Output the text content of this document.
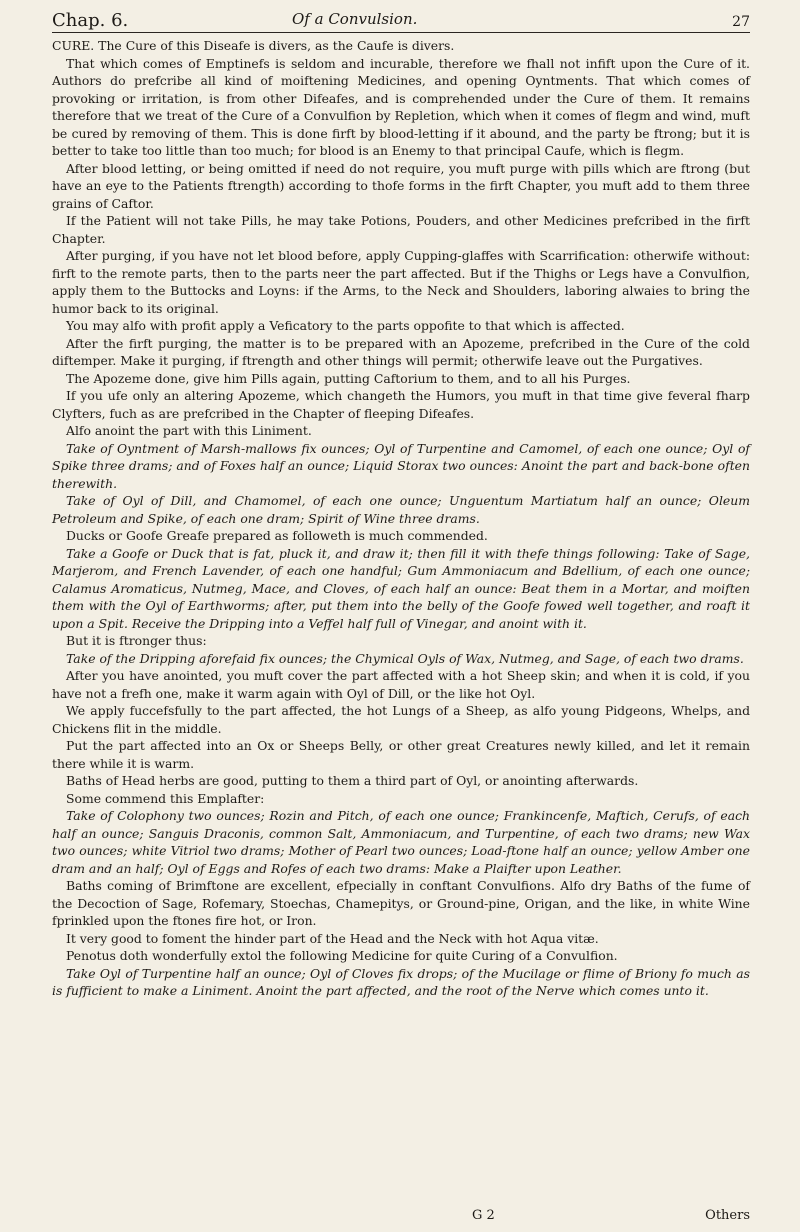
Chap. 6.	Of a Convulsion.	27

CURE. The Cure of this Diseafe is divers, as the Caufe is divers.

That which comes of Emptinefs is seldom and incurable, therefore we fhall not infift upon the Cure of it. Authors do prefcribe all kind of moiftening Medicines, and opening Oyntments. That which comes of provoking or irritation, is from other Difeafes, and is comprehended under the Cure of them. It remains therefore that we treat of the Cure of a Convulfion by Repletion, which when it comes of flegm and wind, muft be cured by removing of them. This is done firft by blood-letting if it abound, and the party be ftrong; but it is better to take too little than too much; for blood is an Enemy to that principal Caufe, which is flegm.

After blood letting, or being omitted if need do not require, you muft purge with pills which are ftrong (but have an eye to the Patients ftrength) according to thofe forms in the firft Chapter, you muft add to them three grains of Caftor.

If the Patient will not take Pills, he may take Potions, Pouders, and other Medicines prefcribed in the firft Chapter.

After purging, if you have not let blood before, apply Cupping-glaffes with Scarrification: otherwife without: firft to the remote parts, then to the parts neer the part affected. But if the Thighs or Legs have a Convulfion, apply them to the Buttocks and Loyns: if the Arms, to the Neck and Shoulders, laboring alwaies to bring the humor back to its original.

You may alfo with profit apply a Veficatory to the parts oppofite to that which is affected.

After the firft purging, the matter is to be prepared with an Apozeme, prefcribed in the Cure of the cold diftemper. Make it purging, if ftrength and other things will permit; otherwife leave out the Purgatives.

The Apozeme done, give him Pills again, putting Caftorium to them, and to all his Purges.

If you ufe only an altering Apozeme, which changeth the Humors, you muft in that time give feveral fharp Clyfters, fuch as are prefcribed in the Chapter of fleeping Difeafes.

Alfo anoint the part with this Liniment.

Take of Oyntment of Marsh-mallows fix ounces; Oyl of Turpentine and Camomel, of each one ounce; Oyl of Spike three drams; and of Foxes half an ounce; Liquid Storax two ounces: Anoint the part and back-bone often therewith.

Take of Oyl of Dill, and Chamomel, of each one ounce; Unguentum Martiatum half an ounce; Oleum Petroleum and Spike, of each one dram; Spirit of Wine three drams.

Ducks or Goofe Greafe prepared as followeth is much commended.

Take a Goofe or Duck that is fat, pluck it, and draw it; then fill it with thefe things following: Take of Sage, Marjerom, and French Lavender, of each one handful; Gum Ammoniacum and Bdellium, of each one ounce; Calamus Aromaticus, Nutmeg, Mace, and Cloves, of each half an ounce: Beat them in a Mortar, and moiften them with the Oyl of Earthworms; after, put them into the belly of the Goofe fowed well together, and roaft it upon a Spit. Receive the Dripping into a Veffel half full of Vinegar, and anoint with it.

But it is ftronger thus:

Take of the Dripping aforefaid fix ounces; the Chymical Oyls of Wax, Nutmeg, and Sage, of each two drams.

After you have anointed, you muft cover the part affected with a hot Sheep skin; and when it is cold, if you have not a frefh one, make it warm again with Oyl of Dill, or the like hot Oyl.

We apply fuccefsfully to the part affected, the hot Lungs of a Sheep, as alfo young Pidgeons, Whelps, and Chickens flit in the middle.

Put the part affected into an Ox or Sheeps Belly, or other great Creatures newly killed, and let it remain there while it is warm.

Baths of Head herbs are good, putting to them a third part of Oyl, or anointing afterwards.

Some commend this Emplafter:

Take of Colophony two ounces; Rozin and Pitch, of each one ounce; Frankincenfe, Maftich, Cerufs, of each half an ounce; Sanguis Draconis, common Salt, Ammoniacum, and Turpentine, of each two drams; new Wax two ounces; white Vitriol two drams; Mother of Pearl two ounces; Load-ftone half an ounce; yellow Amber one dram and an half; Oyl of Eggs and Rofes of each two drams: Make a Plaifter upon Leather.

Baths coming of Brimftone are excellent, efpecially in conftant Convulfions. Alfo dry Baths of the fume of the Decoction of Sage, Rofemary, Stoechas, Chamepitys, or Ground-pine, Origan, and the like, in white Wine fprinkled upon the ftones fire hot, or Iron.

It very good to foment the hinder part of the Head and the Neck with hot Aqua vitæ.

Penotus doth wonderfully extol the following Medicine for quite Curing of a Convulfion.

Take Oyl of Turpentine half an ounce; Oyl of Cloves fix drops; of the Mucilage or flime of Briony fo much as is fufficient to make a Liniment. Anoint the part affected, and the root of the Nerve which comes unto it.

G 2	Others
